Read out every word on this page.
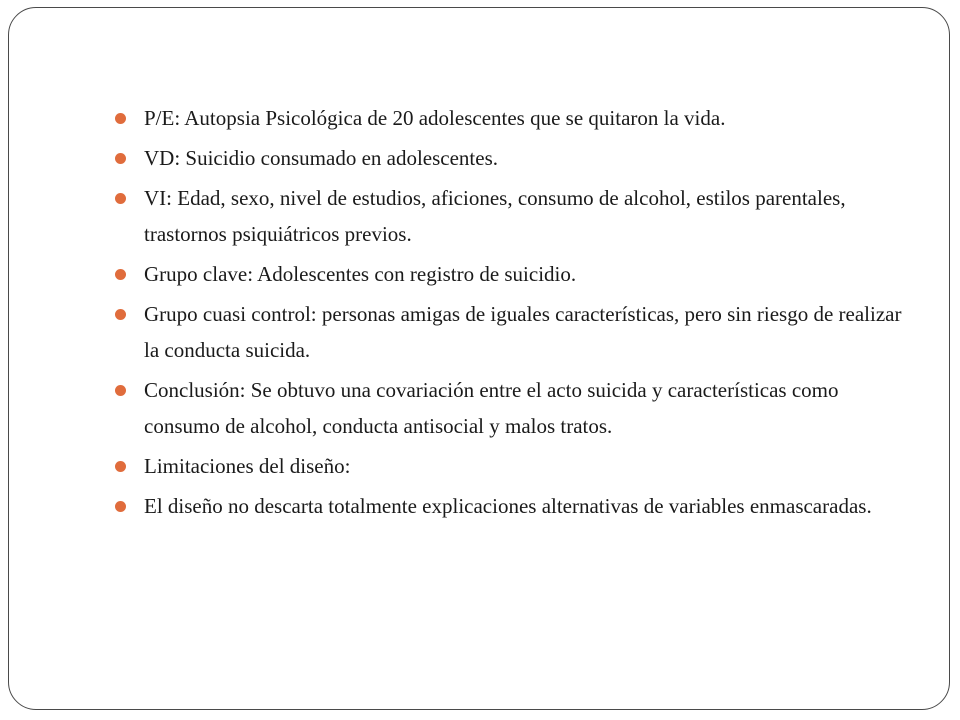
P/E: Autopsia Psicológica de 20 adolescentes que se quitaron la vida.
VD: Suicidio consumado en adolescentes.
VI: Edad, sexo, nivel de estudios, aficiones, consumo de alcohol, estilos parentales, trastornos psiquiátricos previos.
Grupo clave: Adolescentes con registro de suicidio.
Grupo cuasi control: personas amigas de iguales características, pero sin riesgo de realizar la conducta suicida.
Conclusión: Se obtuvo una covariación entre el acto suicida y características como consumo de alcohol, conducta antisocial y malos tratos.
Limitaciones del diseño:
El diseño no descarta totalmente explicaciones alternativas de variables enmascaradas.
